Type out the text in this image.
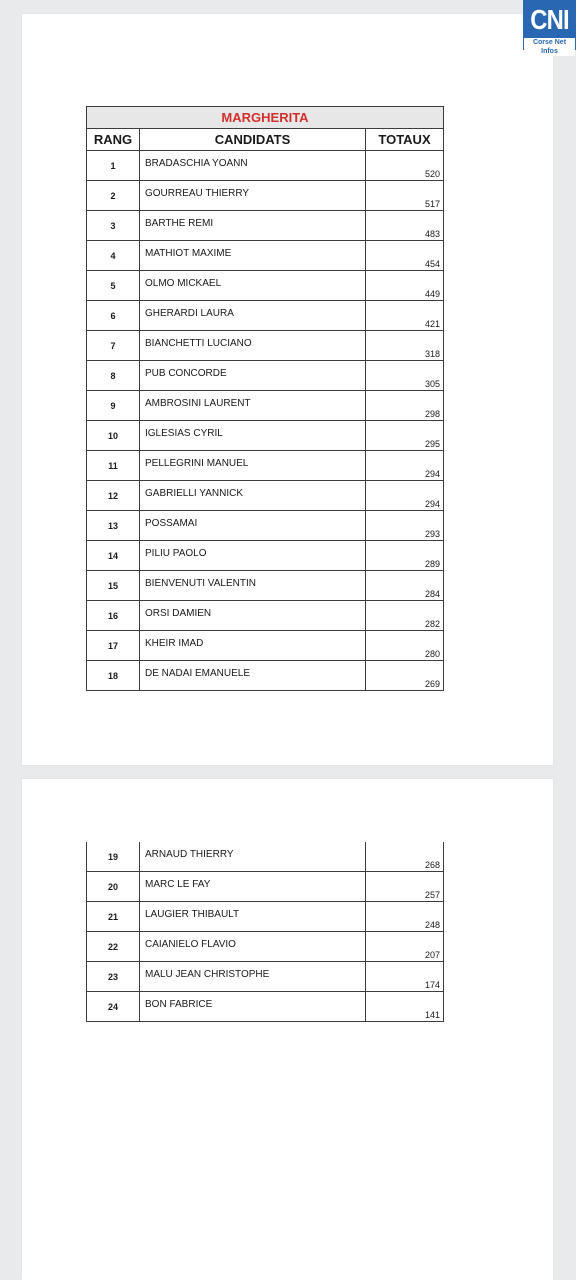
MARGHERITA		
RANG	CANDIDATS	TOTAUX
1	BRADASCHIA YOANN	520
2	GOURREAU THIERRY	517
3	BARTHE REMI	483
4	MATHIOT MAXIME	454
5	OLMO MICKAEL	449
6	GHERARDI LAURA	421
7	BIANCHETTI LUCIANO	318
8	PUB CONCORDE	305
9	AMBROSINI LAURENT	298
10	IGLESIAS CYRIL	295
11	PELLEGRINI MANUEL	294
12	GABRIELLI YANNICK	294
13	POSSAMAI	293
14	PILIU PAOLO	289
15	BIENVENUTI VALENTIN	284
16	ORSI DAMIEN	282
17	KHEIR IMAD	280
18	DE NADAI EMANUELE	269
19	ARNAUD THIERRY	268
20	MARC LE FAY	257
21	LAUGIER THIBAULT	248
22	CAIANIELO FLAVIO	207
23	MALU JEAN CHRISTOPHE	174
24	BON FABRICE	141
CNI
Corse Net Infos
